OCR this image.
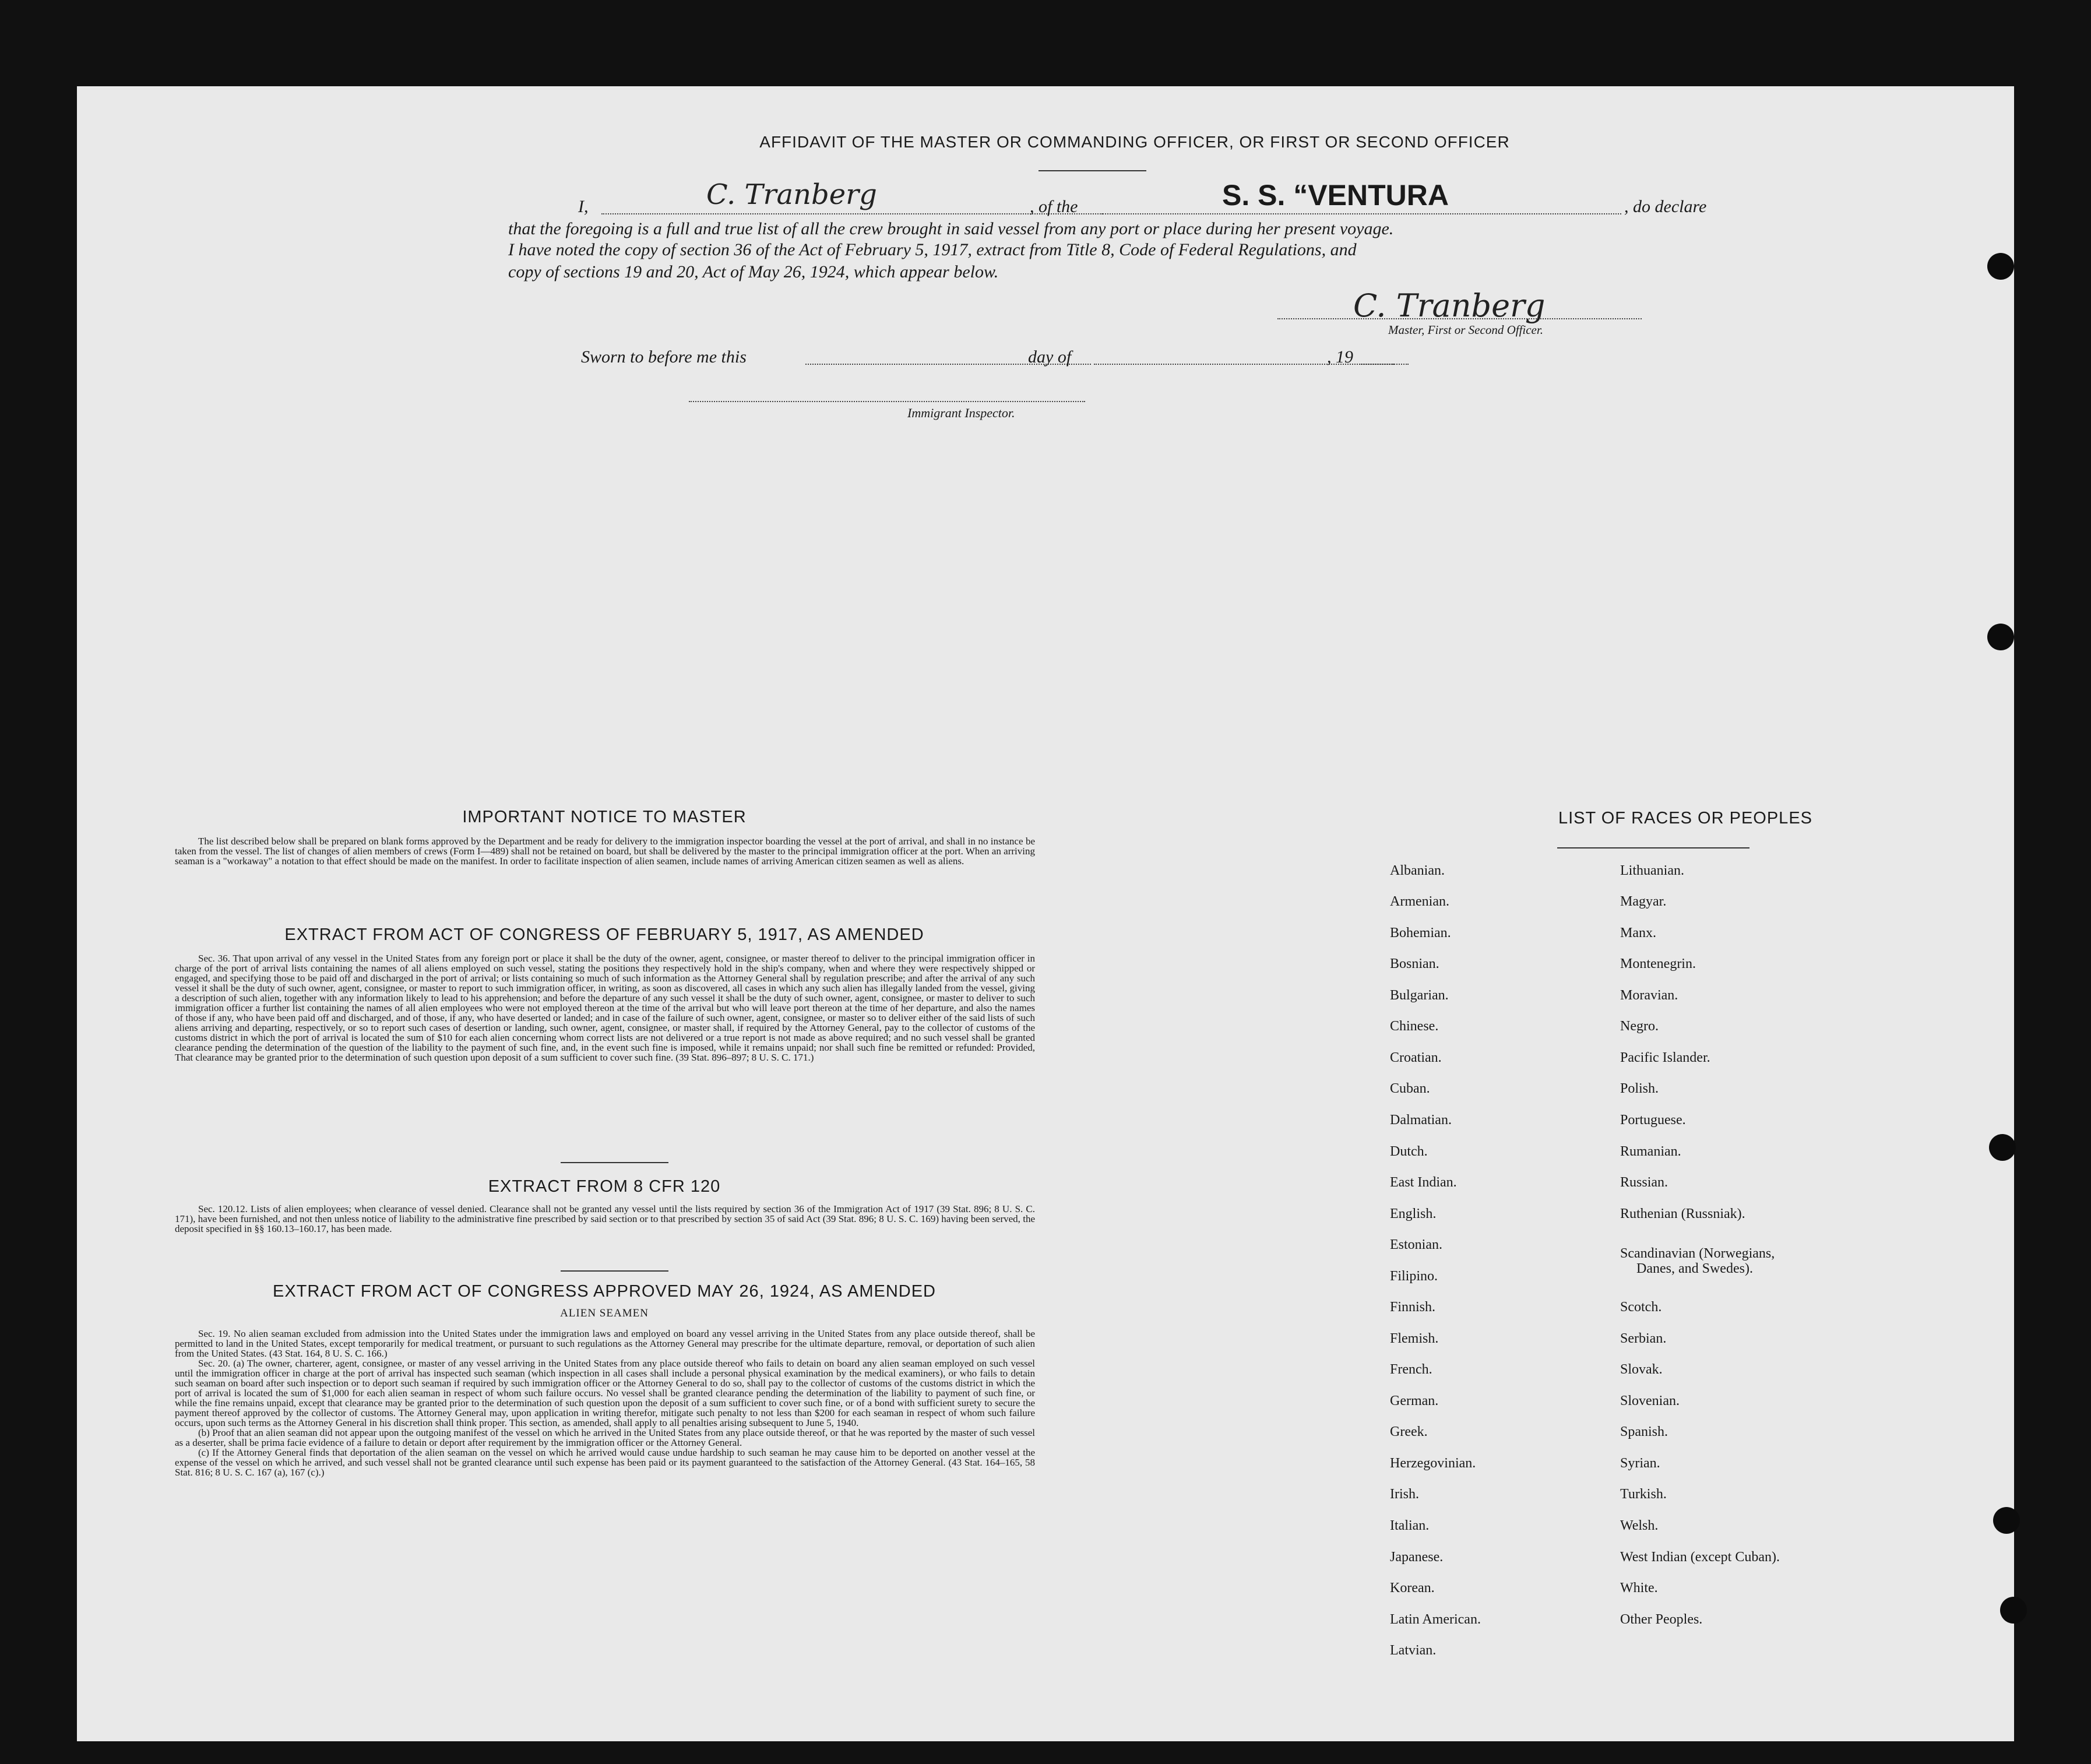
AFFIDAVIT OF THE MASTER OR COMMANDING OFFICER, OR FIRST OR SECOND OFFICER
I,	C. Tranberg	, of the	S. S. “VENTURA	, do declare
that the foregoing is a full and true list of all the crew brought in said vessel from any port or place during her present voyage.
I have noted the copy of section 36 of the Act of February 5, 1917, extract from Title 8, Code of Federal Regulations, and
copy of sections 19 and 20, Act of May 26, 1924, which appear below.
C. Tranberg
Master, First or Second Officer.
Sworn to before me this	day of	, 19
Immigrant Inspector.
IMPORTANT NOTICE TO MASTER

The list described below shall be prepared on blank forms approved by the Department and be ready for delivery to the immigration inspector boarding the vessel at the port of arrival, and shall in no instance be taken from the vessel. The list of changes of alien members of crews (Form I—489) shall not be retained on board, but shall be delivered by the master to the principal immigration officer at the port. When an arriving seaman is a "workaway" a notation to that effect should be made on the manifest. In order to facilitate inspection of alien seamen, include names of arriving American citizen seamen as well as aliens.

EXTRACT FROM ACT OF CONGRESS OF FEBRUARY 5, 1917, AS AMENDED

Sec. 36. That upon arrival of any vessel in the United States from any foreign port or place it shall be the duty of the owner, agent, consignee, or master thereof to deliver to the principal immigration officer in charge of the port of arrival lists containing the names of all aliens employed on such vessel, stating the positions they respectively hold in the ship's company, when and where they were respectively shipped or engaged, and specifying those to be paid off and discharged in the port of arrival; or lists containing so much of such information as the Attorney General shall by regulation prescribe; and after the arrival of any such vessel it shall be the duty of such owner, agent, consignee, or master to report to such immigration officer, in writing, as soon as discovered, all cases in which any such alien has illegally landed from the vessel, giving a description of such alien, together with any information likely to lead to his apprehension; and before the departure of any such vessel it shall be the duty of such owner, agent, consignee, or master to deliver to such immigration officer a further list containing the names of all alien employees who were not employed thereon at the time of the arrival but who will leave port thereon at the time of her departure, and also the names of those if any, who have been paid off and discharged, and of those, if any, who have deserted or landed; and in case of the failure of such owner, agent, consignee, or master so to deliver either of the said lists of such aliens arriving and departing, respectively, or so to report such cases of desertion or landing, such owner, agent, consignee, or master shall, if required by the Attorney General, pay to the collector of customs of the customs district in which the port of arrival is located the sum of $10 for each alien concerning whom correct lists are not delivered or a true report is not made as above required; and no such vessel shall be granted clearance pending the determination of the question of the liability to the payment of such fine, and, in the event such fine is imposed, while it remains unpaid; nor shall such fine be remitted or refunded: Provided, That clearance may be granted prior to the determination of such question upon deposit of a sum sufficient to cover such fine. (39 Stat. 896–897; 8 U. S. C. 171.)

EXTRACT FROM 8 CFR 120

Sec. 120.12. Lists of alien employees; when clearance of vessel denied. Clearance shall not be granted any vessel until the lists required by section 36 of the Immigration Act of 1917 (39 Stat. 896; 8 U. S. C. 171), have been furnished, and not then unless notice of liability to the administrative fine prescribed by said section or to that prescribed by section 35 of said Act (39 Stat. 896; 8 U. S. C. 169) having been served, the deposit specified in §§ 160.13–160.17, has been made.

EXTRACT FROM ACT OF CONGRESS APPROVED MAY 26, 1924, AS AMENDED
ALIEN SEAMEN

Sec. 19. No alien seaman excluded from admission into the United States under the immigration laws and employed on board any vessel arriving in the United States from any place outside thereof, shall be permitted to land in the United States, except temporarily for medical treatment, or pursuant to such regulations as the Attorney General may prescribe for the ultimate departure, removal, or deportation of such alien from the United States. (43 Stat. 164, 8 U. S. C. 166.)

Sec. 20. (a) The owner, charterer, agent, consignee, or master of any vessel arriving in the United States from any place outside thereof who fails to detain on board any alien seaman employed on such vessel until the immigration officer in charge at the port of arrival has inspected such seaman (which inspection in all cases shall include a personal physical examination by the medical examiners), or who fails to detain such seaman on board after such inspection or to deport such seaman if required by such immigration officer or the Attorney General to do so, shall pay to the collector of customs of the customs district in which the port of arrival is located the sum of $1,000 for each alien seaman in respect of whom such failure occurs. No vessel shall be granted clearance pending the determination of the liability to payment of such fine, or while the fine remains unpaid, except that clearance may be granted prior to the determination of such question upon the deposit of a sum sufficient to cover such fine, or of a bond with sufficient surety to secure the payment thereof approved by the collector of customs. The Attorney General may, upon application in writing therefor, mitigate such penalty to not less than $200 for each seaman in respect of whom such failure occurs, upon such terms as the Attorney General in his discretion shall think proper. This section, as amended, shall apply to all penalties arising subsequent to June 5, 1940.

(b) Proof that an alien seaman did not appear upon the outgoing manifest of the vessel on which he arrived in the United States from any place outside thereof, or that he was reported by the master of such vessel as a deserter, shall be prima facie evidence of a failure to detain or deport after requirement by the immigration officer or the Attorney General.

(c) If the Attorney General finds that deportation of the alien seaman on the vessel on which he arrived would cause undue hardship to such seaman he may cause him to be deported on another vessel at the expense of the vessel on which he arrived, and such vessel shall not be granted clearance until such expense has been paid or its payment guaranteed to the satisfaction of the Attorney General. (43 Stat. 164–165, 58 Stat. 816; 8 U. S. C. 167 (a), 167 (c).)

LIST OF RACES OR PEOPLES
Albanian.
Armenian.
Bohemian.
Bosnian.
Bulgarian.
Chinese.
Croatian.
Cuban.
Dalmatian.
Dutch.
East Indian.
English.
Estonian.
Filipino.
Finnish.
Flemish.
French.
German.
Greek.
Herzegovinian.
Irish.
Italian.
Japanese.
Korean.
Latin American.
Latvian.
Lithuanian.
Magyar.
Manx.
Montenegrin.
Moravian.
Negro.
Pacific Islander.
Polish.
Portuguese.
Rumanian.
Russian.
Ruthenian (Russniak).
Scandinavian (Norwegians,
Danes, and Swedes).
Scotch.
Serbian.
Slovak.
Slovenian.
Spanish.
Syrian.
Turkish.
Welsh.
West Indian (except Cuban).
White.
Other Peoples.
